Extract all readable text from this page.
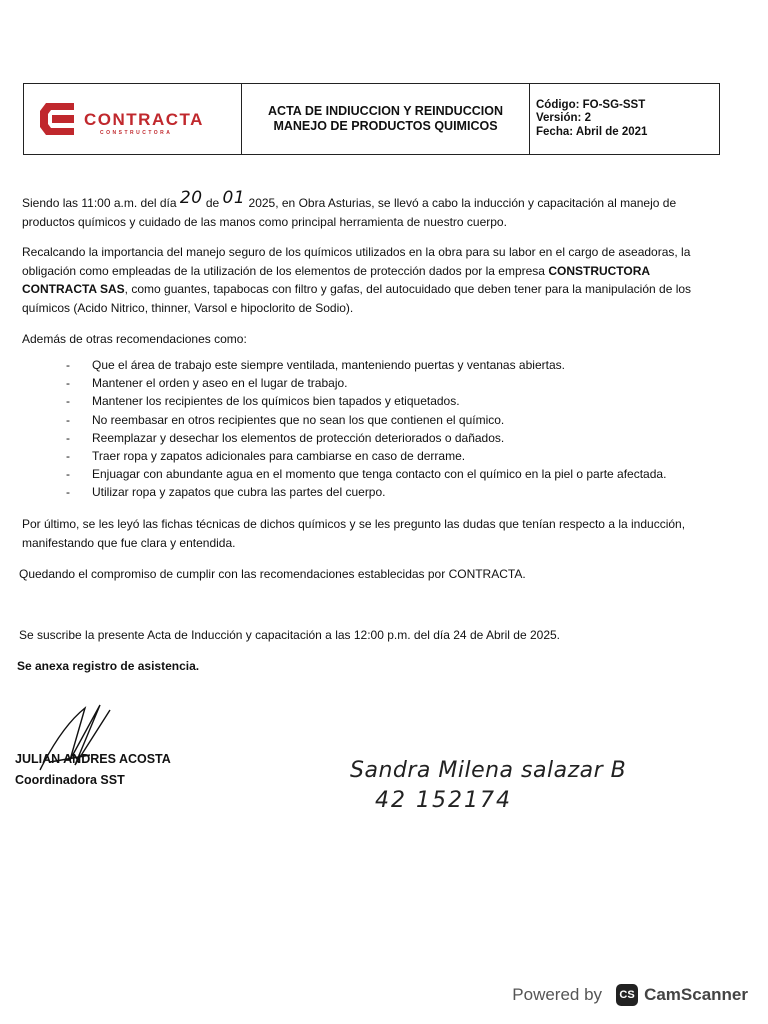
CONTRACTA
CONSTRUCTORA
ACTA DE INDIUCCION Y REINDUCCION
MANEJO DE PRODUCTOS QUIMICOS
Código: FO-SG-SST
Versión: 2
Fecha: Abril de 2021
Siendo las 11:00 a.m. del día 20 de 01 2025, en Obra Asturias, se llevó a cabo la inducción y capacitación al manejo de productos químicos y cuidado de las manos como principal herramienta de nuestro cuerpo.
Recalcando la importancia del manejo seguro de los químicos utilizados en la obra para su labor en el cargo de aseadoras, la obligación como empleadas de la utilización de los elementos de protección dados por la empresa CONSTRUCTORA CONTRACTA SAS, como guantes, tapabocas con filtro y gafas, del autocuidado que deben tener para la manipulación de los químicos (Acido Nitrico, thinner, Varsol e hipoclorito de Sodio).
Además de otras recomendaciones como:
- Que el área de trabajo este siempre ventilada, manteniendo puertas y ventanas abiertas.
- Mantener el orden y aseo en el lugar de trabajo.
- Mantener los recipientes de los químicos bien tapados y etiquetados.
- No reembasar en otros recipientes que no sean los que contienen el químico.
- Reemplazar y desechar los elementos de protección deteriorados o dañados.
- Traer ropa y zapatos adicionales para cambiarse en caso de derrame.
- Enjuagar con abundante agua en el momento que tenga contacto con el químico en la piel o parte afectada.
- Utilizar ropa y zapatos que cubra las partes del cuerpo.
Por último, se les leyó las fichas técnicas de dichos químicos y se les pregunto las dudas que tenían respecto a la inducción, manifestando que fue clara y entendida.
Quedando el compromiso de cumplir con las recomendaciones establecidas por CONTRACTA.
Se suscribe la presente Acta de Inducción y capacitación a las 12:00 p.m. del día 24 de Abril de 2025.
Se anexa registro de asistencia.
JULIAN ANDRES ACOSTA
Coordinadora SST	Sandra Milena salazar B
42 152174
Powered by	CS CamScanner
